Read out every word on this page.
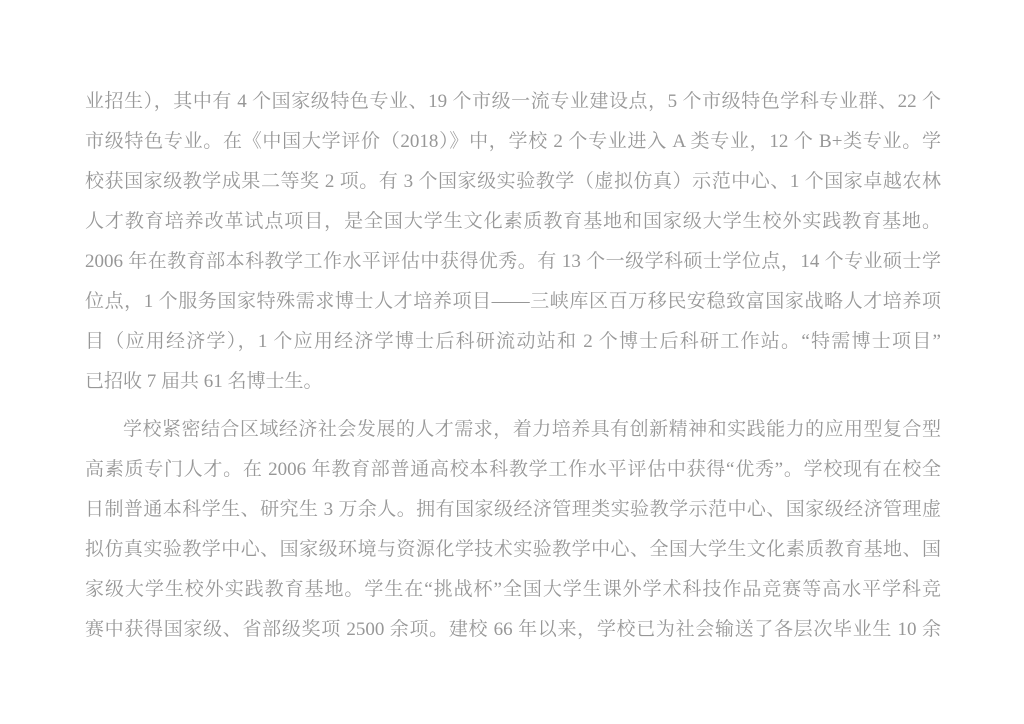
业招生），其中有 4 个国家级特色专业、19 个市级一流专业建设点，5 个市级特色学科专业群、22 个
市级特色专业。在《中国大学评价（2018）》中，学校 2 个专业进入 A 类专业，12 个 B+类专业。学
校获国家级教学成果二等奖 2 项。有 3 个国家级实验教学（虚拟仿真）示范中心、1 个国家卓越农林
人才教育培养改革试点项目，是全国大学生文化素质教育基地和国家级大学生校外实践教育基地。
2006 年在教育部本科教学工作水平评估中获得优秀。有 13 个一级学科硕士学位点，14 个专业硕士学
位点，1 个服务国家特殊需求博士人才培养项目——三峡库区百万移民安稳致富国家战略人才培养项
目（应用经济学），1 个应用经济学博士后科研流动站和 2 个博士后科研工作站。“特需博士项目”
已招收 7 届共 61 名博士生。
学校紧密结合区域经济社会发展的人才需求，着力培养具有创新精神和实践能力的应用型复合型
高素质专门人才。在 2006 年教育部普通高校本科教学工作水平评估中获得“优秀”。学校现有在校全
日制普通本科学生、研究生 3 万余人。拥有国家级经济管理类实验教学示范中心、国家级经济管理虚
拟仿真实验教学中心、国家级环境与资源化学技术实验教学中心、全国大学生文化素质教育基地、国
家级大学生校外实践教育基地。学生在“挑战杯”全国大学生课外学术科技作品竞赛等高水平学科竞
赛中获得国家级、省部级奖项 2500 余项。建校 66 年以来，学校已为社会输送了各层次毕业生 10 余
